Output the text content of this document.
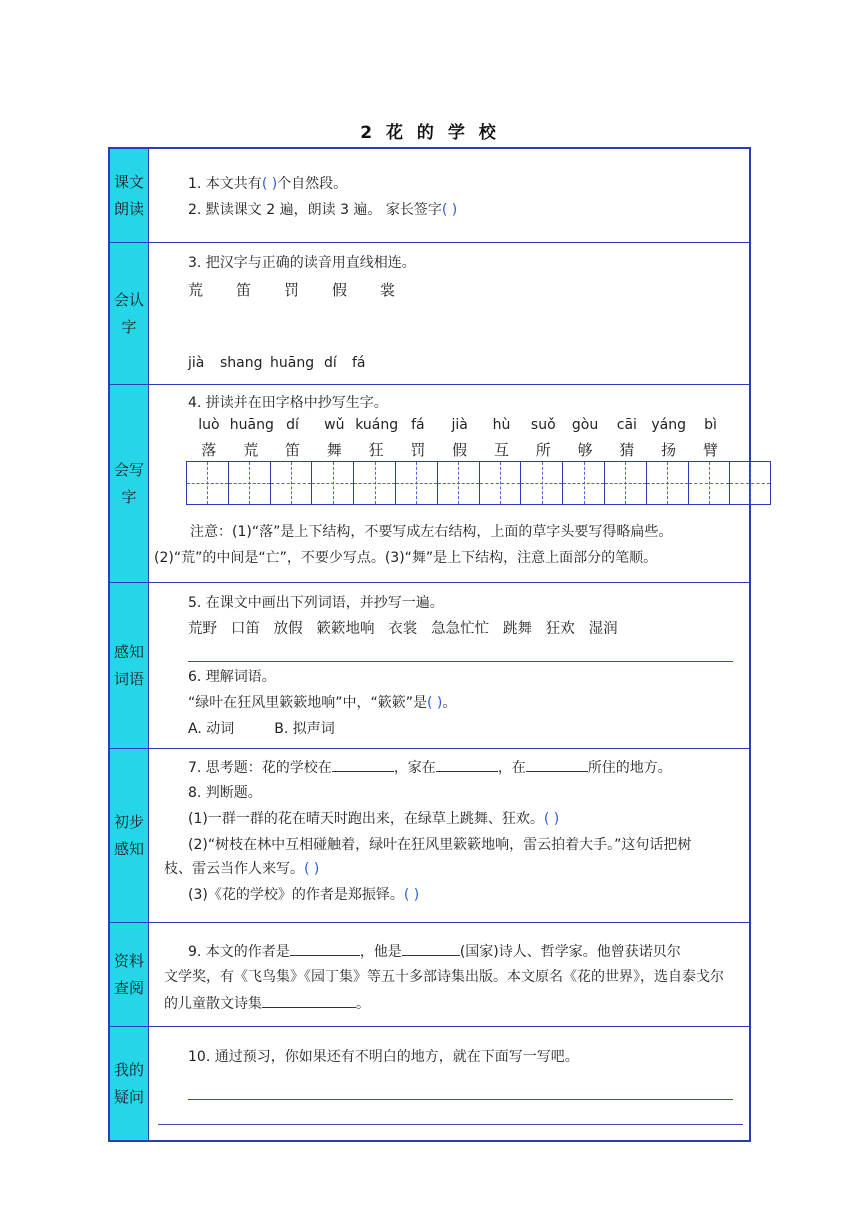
2 花 的 学 校
课文朗读
1. 本文共有( )个自然段。
2. 默读课文 2 遍，朗读 3 遍。 家长签字( )
会认字
3. 把汉字与正确的读音用直线相连。
荒	笛	罚	假	裳
jià	shang huāng dí	fá
会写字
4. 拼读并在田字格中抄写生字。
luò huāng dí	wǔ kuáng fá	jià	hù	suǒ	gòu	cāi	yáng	bì
落	荒	笛	舞	狂	罚	假	互	所	够	猜	扬	臂
注意：(1)“落”是上下结构，不要写成左右结构，上面的草字头要写得略扁些。
(2)“荒”的中间是“亡”，不要少写点。(3)“舞”是上下结构，注意上面部分的笔顺。
感知词语
5. 在课文中画出下列词语，并抄写一遍。
荒野   口笛   放假   簌簌地响   衣裳   急急忙忙   跳舞   狂欢   湿润
6. 理解词语。
“绿叶在狂风里簌簌地响”中，“簌簌”是( )。
A. 动词	B. 拟声词
初步感知
7. 思考题：花的学校在	，家在	，在	所住的地方。
8. 判断题。
(1)一群一群的花在晴天时跑出来，在绿草上跳舞、狂欢。( )
(2)“树枝在林中互相碰触着，绿叶在狂风里簌簌地响，雷云拍着大手。”这句话把树
枝、雷云当作人来写。( )
(3)《花的学校》的作者是郑振铎。( )
资料查阅
9. 本文的作者是	，他是	(国家)诗人、哲学家。他曾获诺贝尔
文学奖，有《飞鸟集》《园丁集》等五十多部诗集出版。本文原名《花的世界》，选自泰戈尔
的儿童散文诗集	。
我的疑问
10. 通过预习，你如果还有不明白的地方，就在下面写一写吧。
